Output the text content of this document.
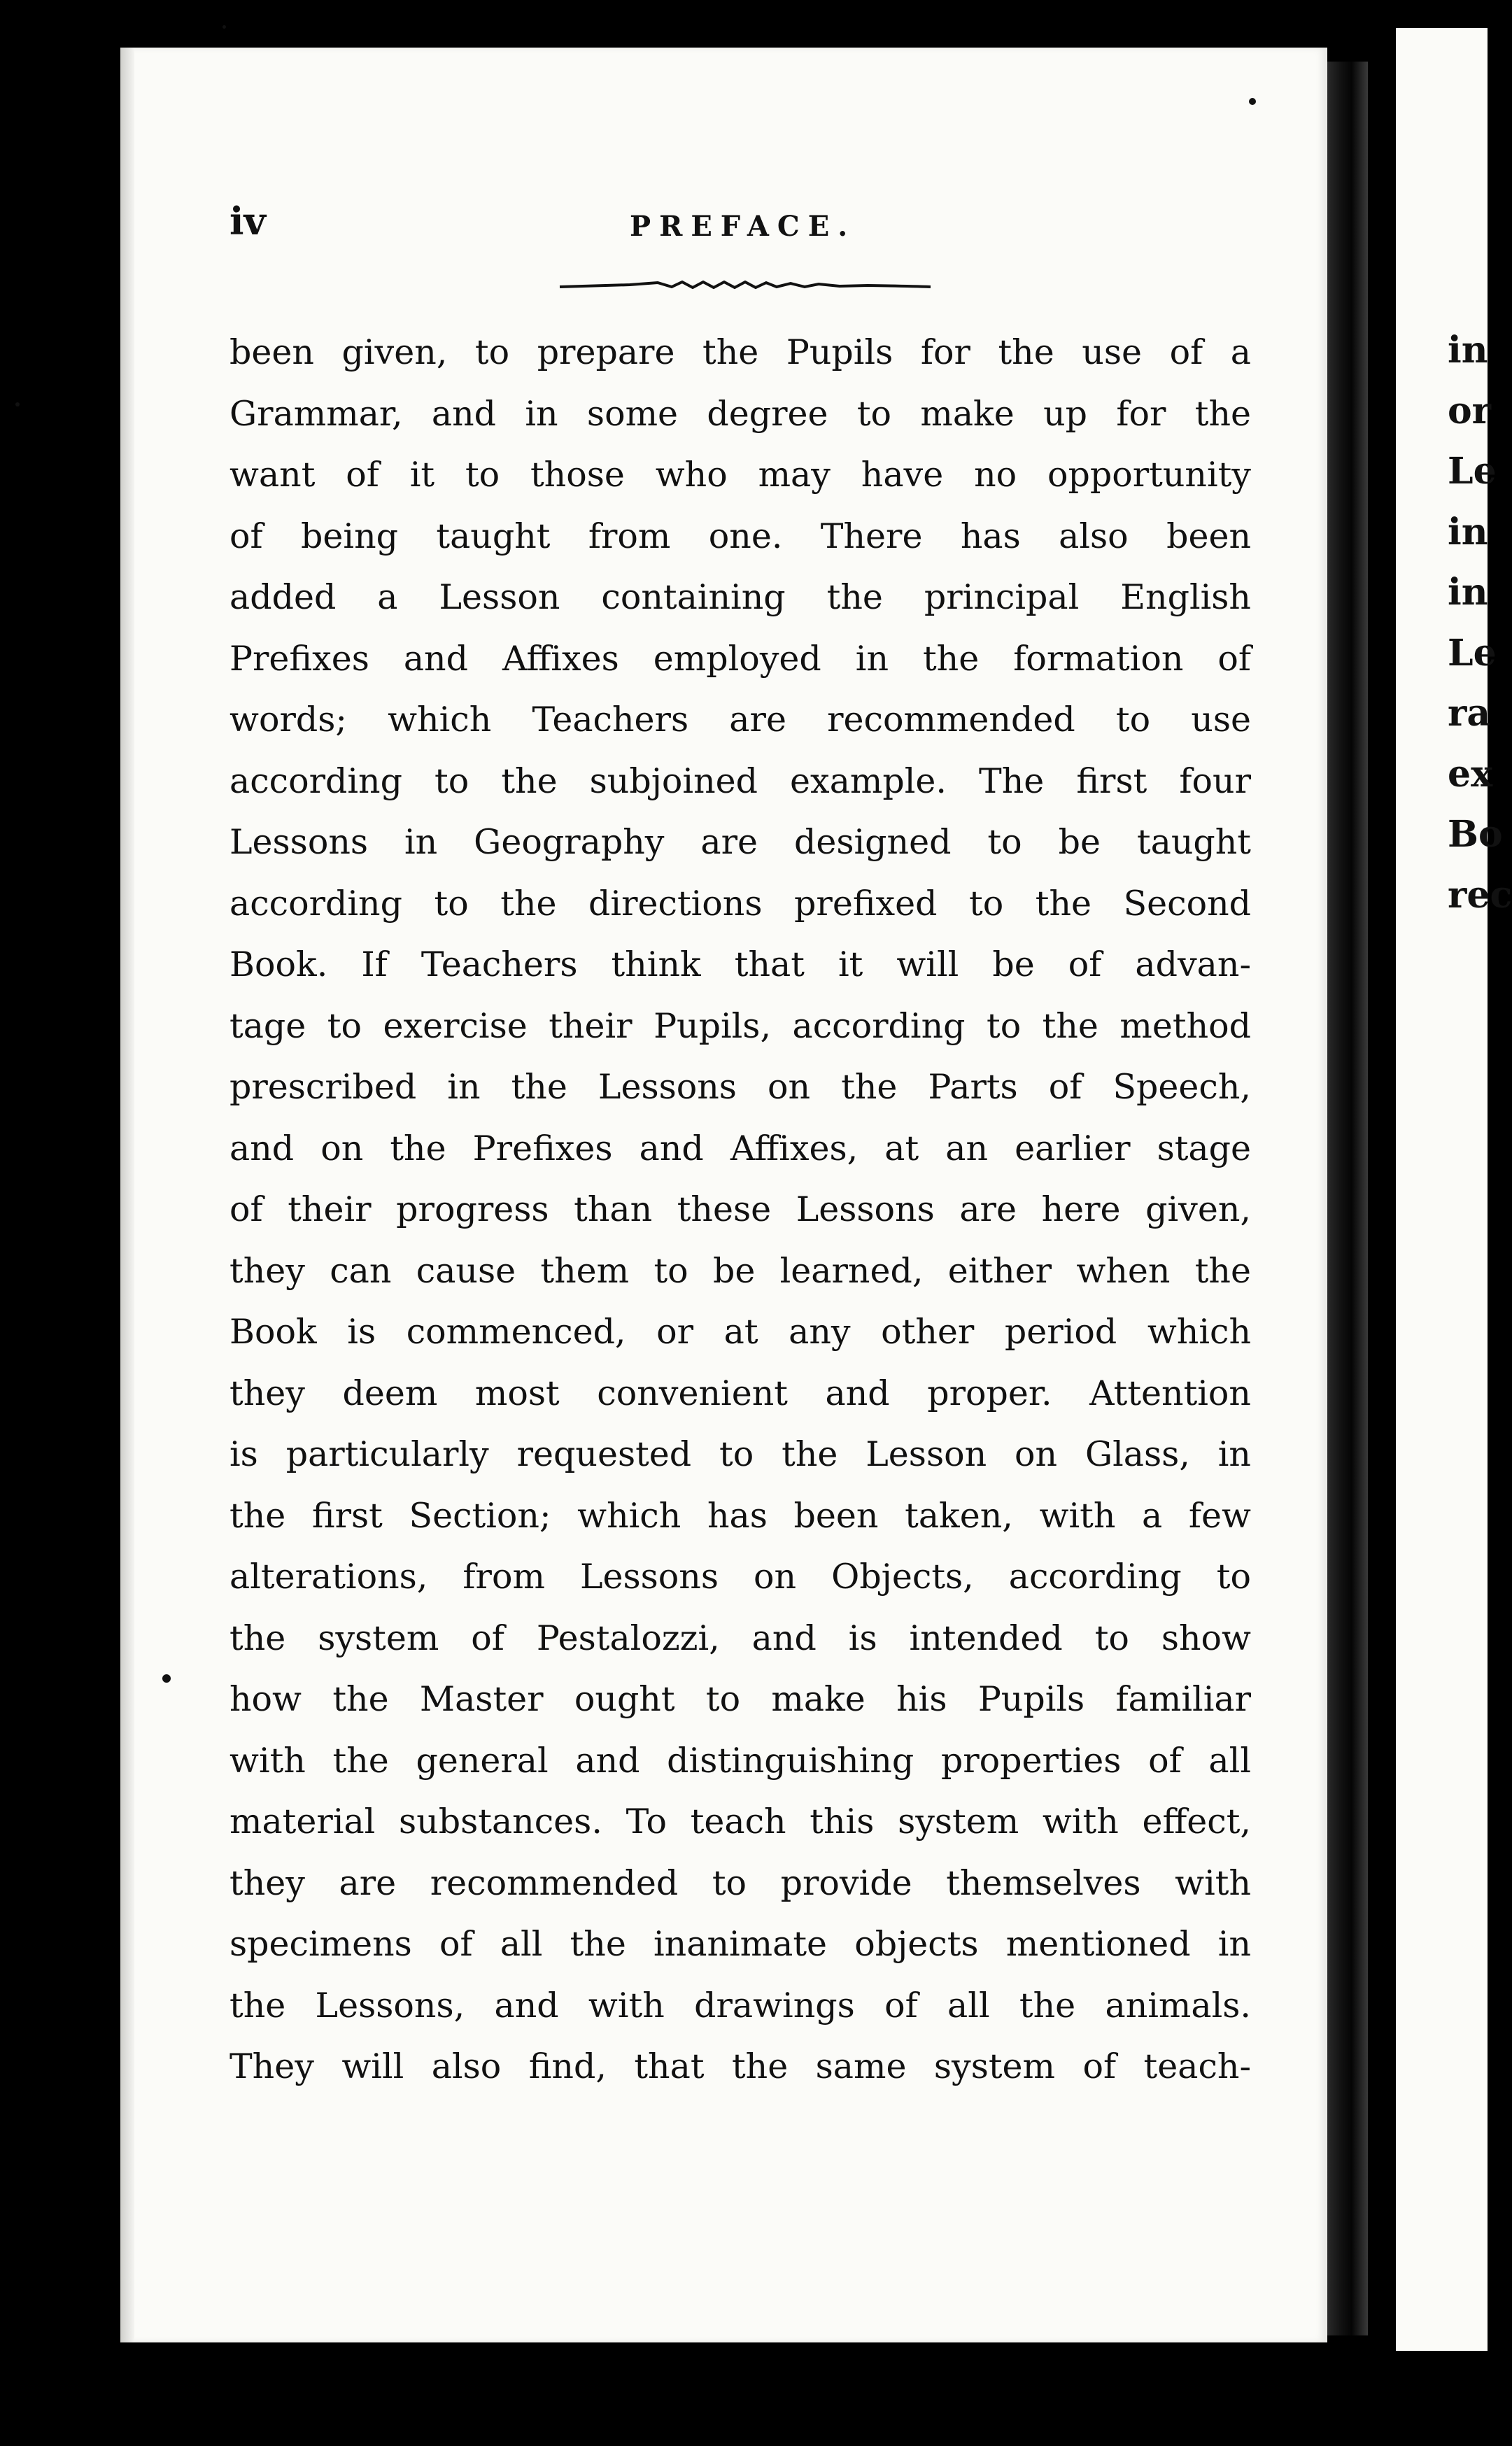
iv	PREFACE.
been given, to prepare the Pupils for the use of a
Grammar, and in some degree to make up for the
want of it to those who may have no opportunity
of being taught from one. There has also been
added a Lesson containing the principal English
Prefixes and Affixes employed in the formation of
words; which Teachers are recommended to use
according to the subjoined example. The first four
Lessons in Geography are designed to be taught
according to the directions prefixed to the Second
Book. If Teachers think that it will be of advan-
tage to exercise their Pupils, according to the method
prescribed in the Lessons on the Parts of Speech,
and on the Prefixes and Affixes, at an earlier stage
of their progress than these Lessons are here given,
they can cause them to be learned, either when the
Book is commenced, or at any other period which
they deem most convenient and proper. Attention
is particularly requested to the Lesson on Glass, in
the first Section; which has been taken, with a few
alterations, from Lessons on Objects, according to
the system of Pestalozzi, and is intended to show
how the Master ought to make his Pupils familiar
with the general and distinguishing properties of all
material substances. To teach this system with effect,
they are recommended to provide themselves with
specimens of all the inanimate objects mentioned in
the Lessons, and with drawings of all the animals.
They will also find, that the same system of teach-
in
or
Le
in
in
Le
ra
ex
Bo
rec
